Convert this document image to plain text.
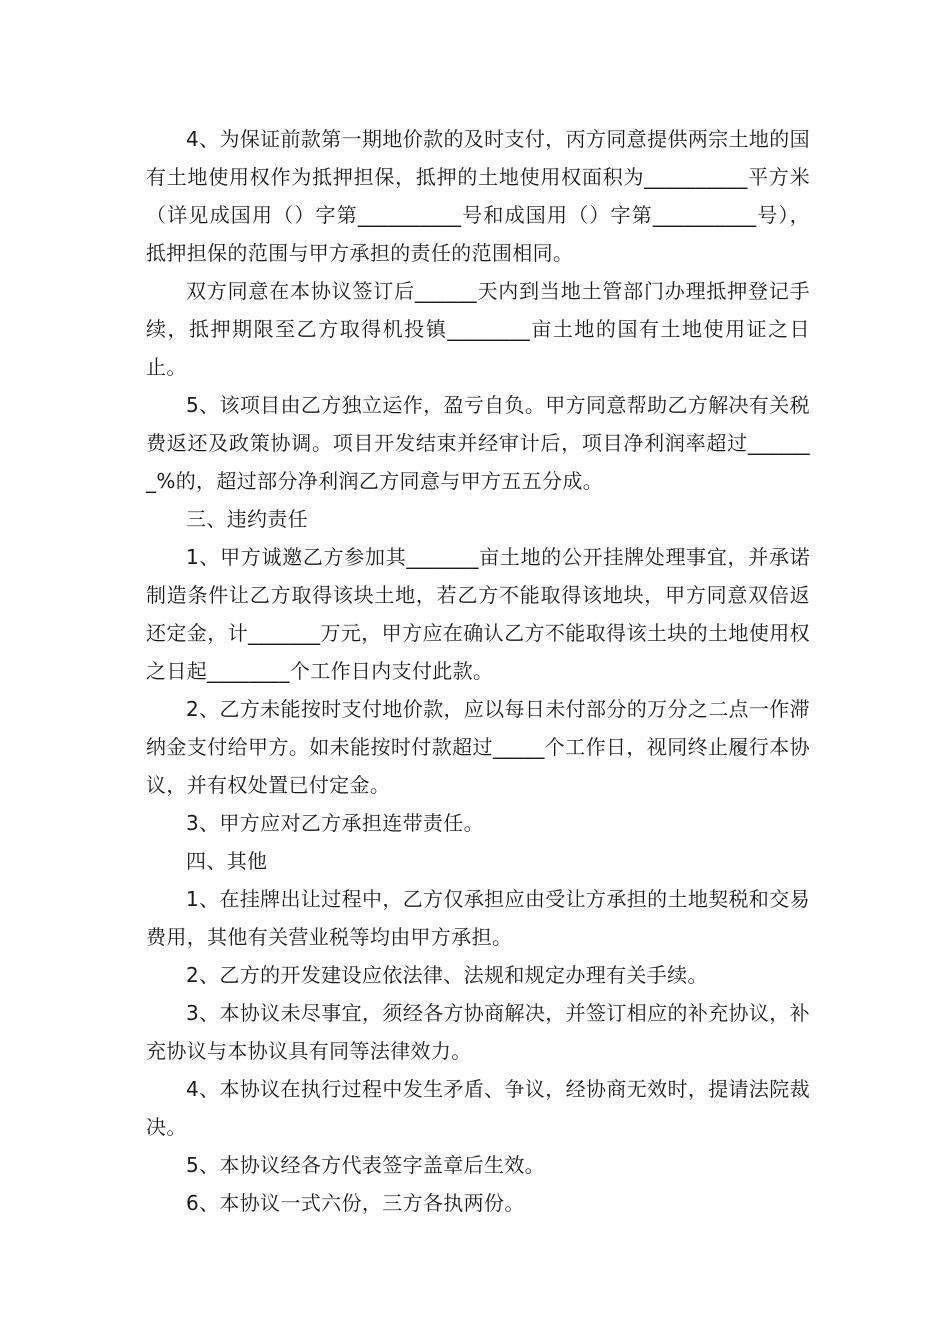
4、为保证前款第一期地价款的及时支付，丙方同意提供两宗土地的国有土地使用权作为抵押担保，抵押的土地使用权面积为__________平方米（详见成国用（）字第__________号和成国用（）字第__________号），抵押担保的范围与甲方承担的责任的范围相同。

双方同意在本协议签订后______天内到当地土管部门办理抵押登记手续，抵押期限至乙方取得机投镇________亩土地的国有土地使用证之日止。

5、该项目由乙方独立运作，盈亏自负。甲方同意帮助乙方解决有关税费返还及政策协调。项目开发结束并经审计后，项目净利润率超过_______%的，超过部分净利润乙方同意与甲方五五分成。

三、违约责任

1、甲方诚邀乙方参加其_______亩土地的公开挂牌处理事宜，并承诺制造条件让乙方取得该块土地，若乙方不能取得该地块，甲方同意双倍返还定金，计_______万元，甲方应在确认乙方不能取得该土块的土地使用权之日起________个工作日内支付此款。

2、乙方未能按时支付地价款，应以每日未付部分的万分之二点一作滞纳金支付给甲方。如未能按时付款超过_____个工作日，视同终止履行本协议，并有权处置已付定金。

3、甲方应对乙方承担连带责任。

四、其他

1、在挂牌出让过程中，乙方仅承担应由受让方承担的土地契税和交易费用，其他有关营业税等均由甲方承担。

2、乙方的开发建设应依法律、法规和规定办理有关手续。

3、本协议未尽事宜，须经各方协商解决，并签订相应的补充协议，补充协议与本协议具有同等法律效力。

4、本协议在执行过程中发生矛盾、争议，经协商无效时，提请法院裁决。

5、本协议经各方代表签字盖章后生效。

6、本协议一式六份，三方各执两份。
